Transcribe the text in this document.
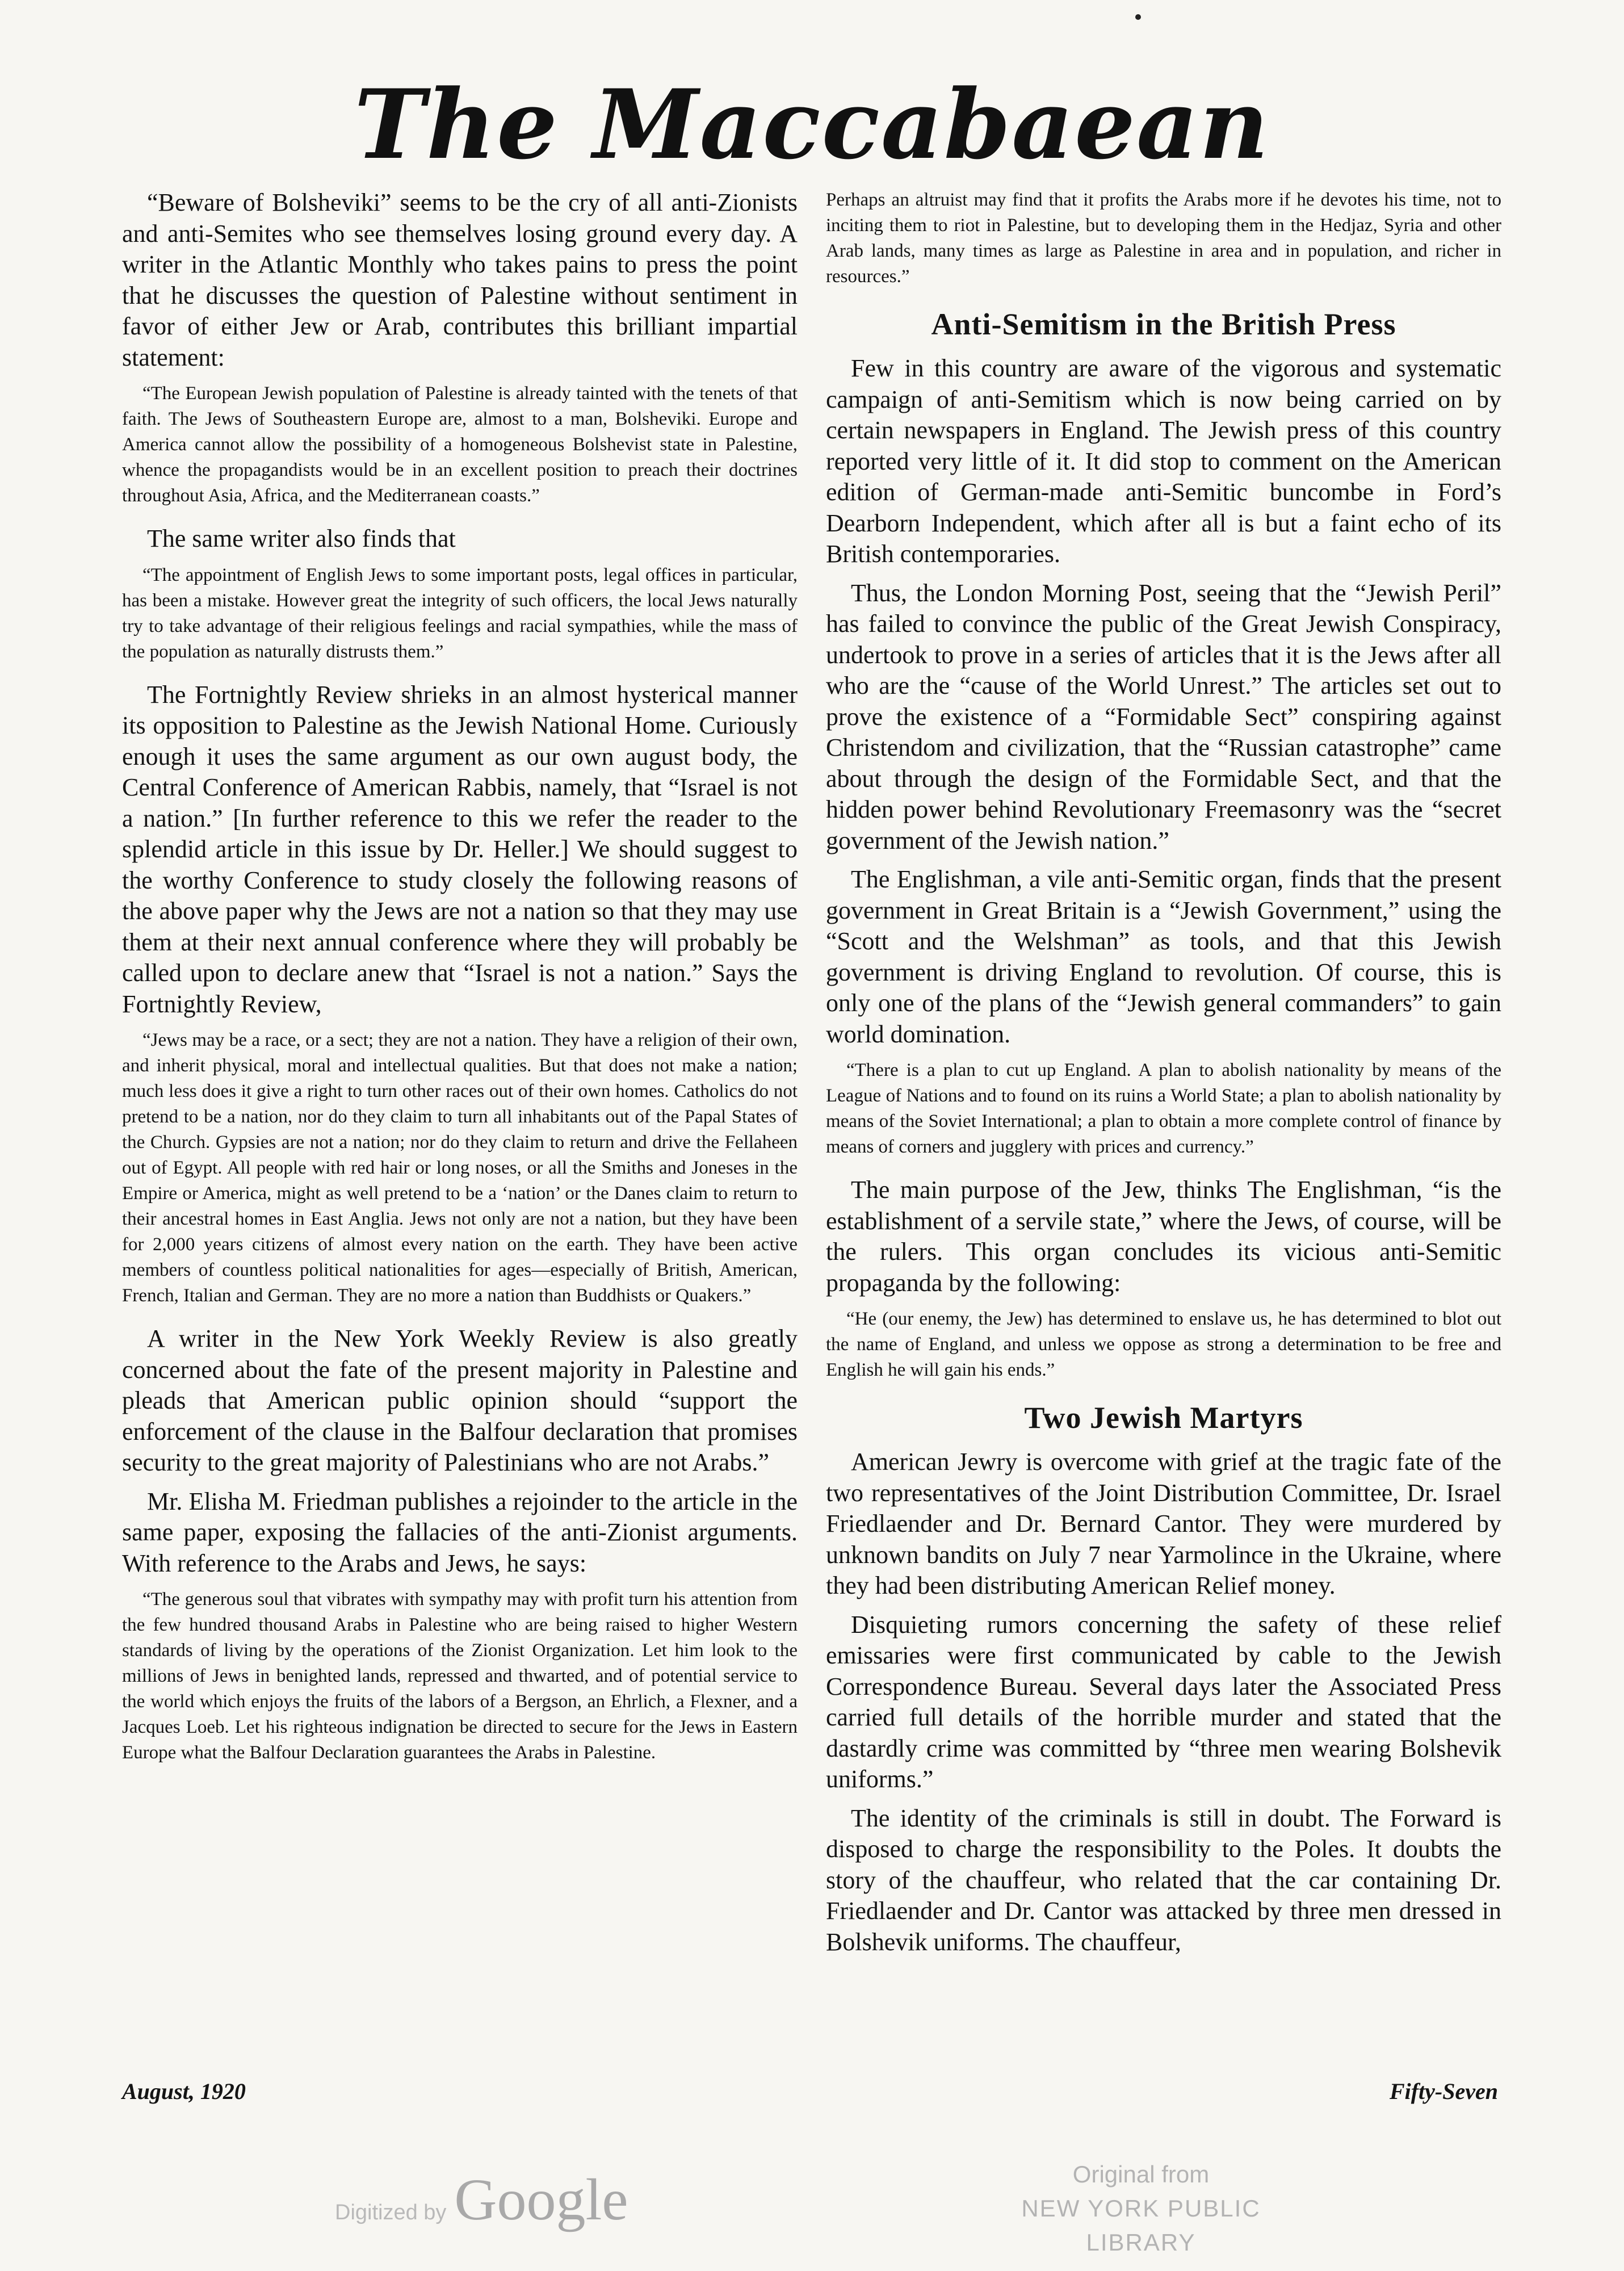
The Maccabaean

“Beware of Bolsheviki” seems to be the cry of all anti-Zionists and anti-Semites who see themselves losing ground every day. A writer in the Atlantic Monthly who takes pains to press the point that he discusses the question of Palestine without sentiment in favor of either Jew or Arab, contributes this brilliant impartial statement:

“The European Jewish population of Palestine is already tainted with the tenets of that faith. The Jews of Southeastern Europe are, almost to a man, Bolsheviki. Europe and America cannot allow the possibility of a homogeneous Bolshevist state in Palestine, whence the propagandists would be in an excellent position to preach their doctrines throughout Asia, Africa, and the Mediterranean coasts.”

The same writer also finds that

“The appointment of English Jews to some important posts, legal offices in particular, has been a mistake. However great the integrity of such officers, the local Jews naturally try to take advantage of their religious feelings and racial sympathies, while the mass of the population as naturally distrusts them.”

The Fortnightly Review shrieks in an almost hysterical manner its opposition to Palestine as the Jewish National Home. Curiously enough it uses the same argument as our own august body, the Central Conference of American Rabbis, namely, that “Israel is not a nation.” [In further reference to this we refer the reader to the splendid article in this issue by Dr. Heller.] We should suggest to the worthy Conference to study closely the following reasons of the above paper why the Jews are not a nation so that they may use them at their next annual conference where they will probably be called upon to declare anew that “Israel is not a nation.” Says the Fortnightly Review,

“Jews may be a race, or a sect; they are not a nation. They have a religion of their own, and inherit physical, moral and intellectual qualities. But that does not make a nation; much less does it give a right to turn other races out of their own homes. Catholics do not pretend to be a nation, nor do they claim to turn all inhabitants out of the Papal States of the Church. Gypsies are not a nation; nor do they claim to return and drive the Fellaheen out of Egypt. All people with red hair or long noses, or all the Smiths and Joneses in the Empire or America, might as well pretend to be a ‘nation’ or the Danes claim to return to their ancestral homes in East Anglia. Jews not only are not a nation, but they have been for 2,000 years citizens of almost every nation on the earth. They have been active members of countless political nationalities for ages—especially of British, American, French, Italian and German. They are no more a nation than Buddhists or Quakers.”

A writer in the New York Weekly Review is also greatly concerned about the fate of the present majority in Palestine and pleads that American public opinion should “support the enforcement of the clause in the Balfour declaration that promises security to the great majority of Palestinians who are not Arabs.”

Mr. Elisha M. Friedman publishes a rejoinder to the article in the same paper, exposing the fallacies of the anti-Zionist arguments. With reference to the Arabs and Jews, he says:

“The generous soul that vibrates with sympathy may with profit turn his attention from the few hundred thousand Arabs in Palestine who are being raised to higher Western standards of living by the operations of the Zionist Organization. Let him look to the millions of Jews in benighted lands, repressed and thwarted, and of potential service to the world which enjoys the fruits of the labors of a Bergson, an Ehrlich, a Flexner, and a Jacques Loeb. Let his righteous indignation be directed to secure for the Jews in Eastern Europe what the Balfour Declaration guarantees the Arabs in Palestine.

Perhaps an altruist may find that it profits the Arabs more if he devotes his time, not to inciting them to riot in Palestine, but to developing them in the Hedjaz, Syria and other Arab lands, many times as large as Palestine in area and in population, and richer in resources.”

Anti-Semitism in the British Press

Few in this country are aware of the vigorous and systematic campaign of anti-Semitism which is now being carried on by certain newspapers in England. The Jewish press of this country reported very little of it. It did stop to comment on the American edition of German-made anti-Semitic buncombe in Ford’s Dearborn Independent, which after all is but a faint echo of its British contemporaries.

Thus, the London Morning Post, seeing that the “Jewish Peril” has failed to convince the public of the Great Jewish Conspiracy, undertook to prove in a series of articles that it is the Jews after all who are the “cause of the World Unrest.” The articles set out to prove the existence of a “Formidable Sect” conspiring against Christendom and civilization, that the “Russian catastrophe” came about through the design of the Formidable Sect, and that the hidden power behind Revolutionary Freemasonry was the “secret government of the Jewish nation.”

The Englishman, a vile anti-Semitic organ, finds that the present government in Great Britain is a “Jewish Government,” using the “Scott and the Welshman” as tools, and that this Jewish government is driving England to revolution. Of course, this is only one of the plans of the “Jewish general commanders” to gain world domination.

“There is a plan to cut up England. A plan to abolish nationality by means of the League of Nations and to found on its ruins a World State; a plan to abolish nationality by means of the Soviet International; a plan to obtain a more complete control of finance by means of corners and jugglery with prices and currency.”

The main purpose of the Jew, thinks The Englishman, “is the establishment of a servile state,” where the Jews, of course, will be the rulers. This organ concludes its vicious anti-Semitic propaganda by the following:

“He (our enemy, the Jew) has determined to enslave us, he has determined to blot out the name of England, and unless we oppose as strong a determination to be free and English he will gain his ends.”

Two Jewish Martyrs

American Jewry is overcome with grief at the tragic fate of the two representatives of the Joint Distribution Committee, Dr. Israel Friedlaender and Dr. Bernard Cantor. They were murdered by unknown bandits on July 7 near Yarmolince in the Ukraine, where they had been distributing American Relief money.

Disquieting rumors concerning the safety of these relief emissaries were first communicated by cable to the Jewish Correspondence Bureau. Several days later the Associated Press carried full details of the horrible murder and stated that the dastardly crime was committed by “three men wearing Bolshevik uniforms.”

The identity of the criminals is still in doubt. The Forward is disposed to charge the responsibility to the Poles. It doubts the story of the chauffeur, who related that the car containing Dr. Friedlaender and Dr. Cantor was attacked by three men dressed in Bolshevik uniforms. The chauffeur,

August, 1920	Fifty-Seven
Digitized by Google	Original from
NEW YORK PUBLIC LIBRARY
